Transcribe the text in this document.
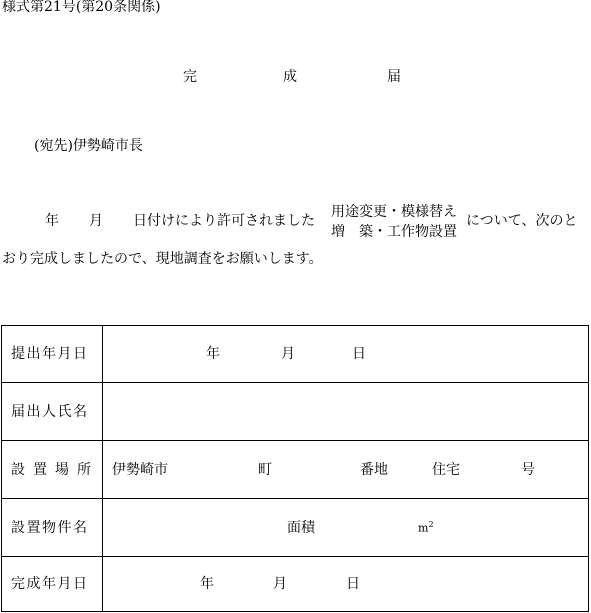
様式第21号(第20条関係)
完	成	届
(宛先)伊勢崎市長
年 月 日付けにより許可されました
用途変更・模様替え
増　築・工作物設置
について、次のと
おり完成しましたので、現地調査をお願いします。
提出年月日	年	月	日
届出人氏名
設置場所 伊勢崎市	町	番地	住宅	号
設置物件名	面積	$m^2$
完成年月日	年	月	日
